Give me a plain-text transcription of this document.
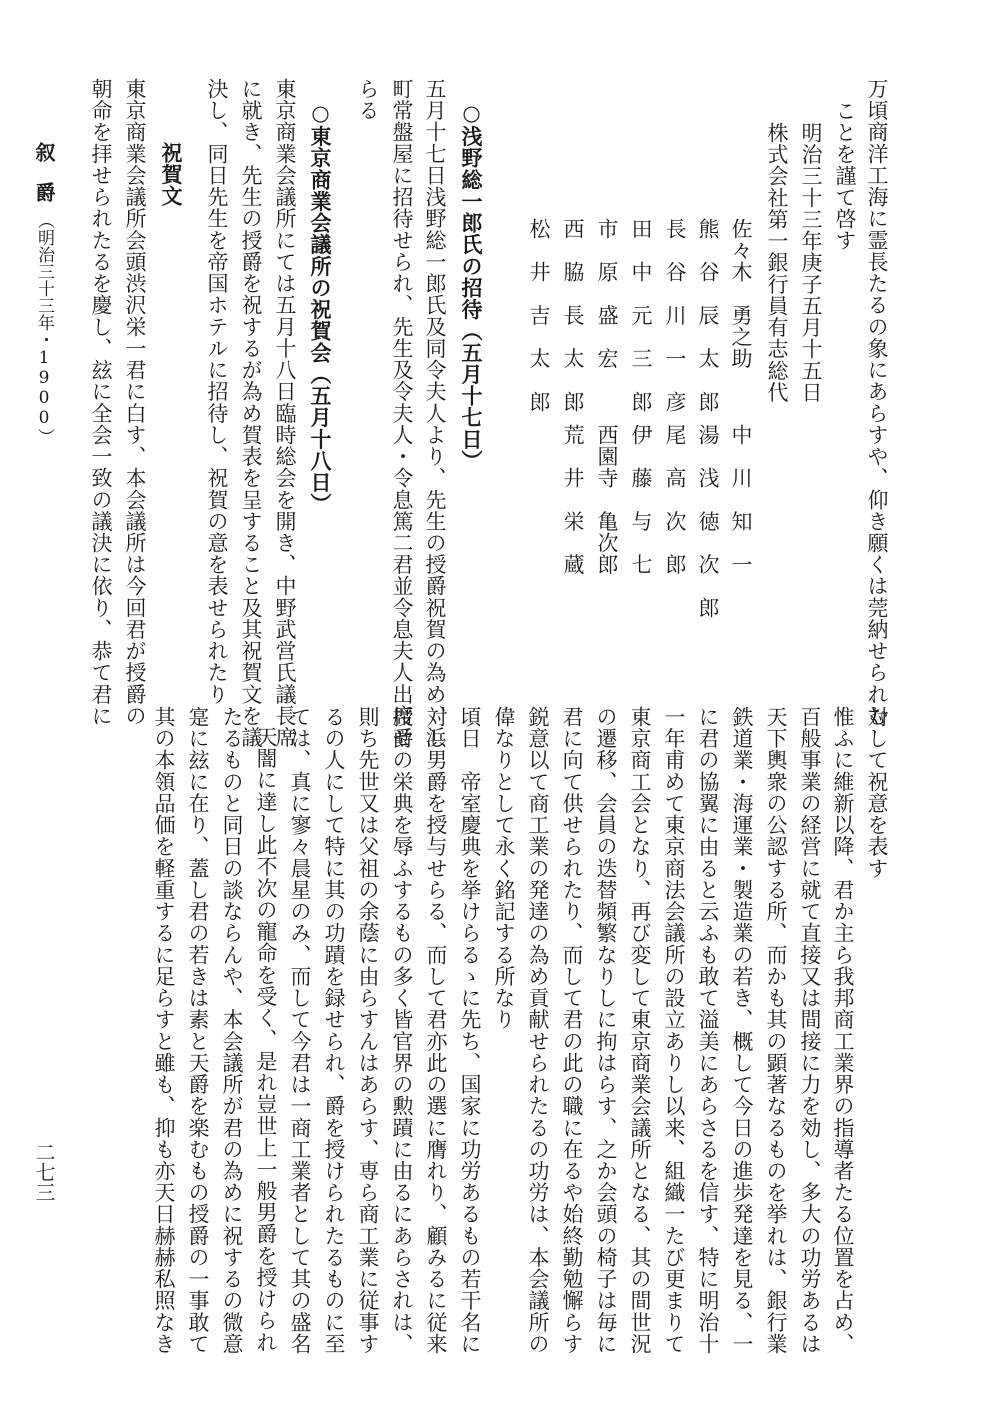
万頃商洋工海に霊長たるの象にあらすや、仰き願くは莞納せられむ
ことを謹て啓す
明治三十三年庚子五月十五日
株式会社第一銀行員有志総代
佐々木　勇之助
熊　谷　辰　太　郎
長　谷　川　一　彦
田　中　元　三　郎
市　原　盛　宏
西　脇　長　太　郎
松　井　吉　太　郎
中　川　知　一
湯　浅　徳　次　郎
尾　高　次　郎
伊　藤　与　七
西園寺　亀次郎
荒　井　栄　蔵
○浅野総一郎氏の招待（五月十七日）
五月十七日浅野総一郎氏及同令夫人より、先生の授爵祝賀の為め、浜
町常盤屋に招待せられ、先生及令夫人・令息篤二君並令息夫人出席せ
らる
○東京商業会議所の祝賀会（五月十八日）
東京商業会議所にては五月十八日臨時総会を開き、中野武営氏議長席
に就き、先生の授爵を祝するが為め賀表を呈すること及其祝賀文を議
決し、同日先生を帝国ホテルに招待し、祝賀の意を表せられたり
祝賀文
東京商業会議所会頭渋沢栄一君に白す、本会議所は今回君が授爵の
朝命を拝せられたるを慶し、玆に全会一致の議決に依り、恭て君に
対して祝意を表す
惟ふに維新以降、君か主ら我邦商工業界の指導者たる位置を占め、
百般事業の経営に就て直接又は間接に力を効し、多大の功労あるは
天下輿衆の公認する所、而かも其の顕著なるものを挙れは、銀行業
鉄道業・海運業・製造業の若き、概して今日の進歩発達を見る、一
に君の協翼に由ると云ふも敢て溢美にあらさるを信す、特に明治十
一年甫めて東京商法会議所の設立ありし以来、組織一たび更まりて
東京商工会となり、再び変して東京商業会議所となる、其の間世況
の遷移、会員の迭替頻繁なりしに拘はらす、之か会頭の椅子は毎に
君に向て供せられたり、而して君の此の職に在るや始終勤勉懈らす
鋭意以て商工業の発達の為め貢献せられたるの功労は、本会議所の
偉なりとして永く銘記する所なり
頃日　帝室慶典を挙けらるゝに先ち、国家に功労あるもの若干名に
対し男爵を授与せらる、而して君亦此の選に膺れり、顧みるに従来
授爵の栄典を辱ふするもの多く皆官界の勲蹟に由るにあらされは、
則ち先世又は父祖の余蔭に由らすんはあらす、専ら商工業に従事す
るの人にして特に其の功蹟を録せられ、爵を授けられたるものに至
ては、真に寥々晨星のみ、而して今君は一商工業者として其の盛名
天闇に達し此不次の寵命を受く、是れ豈世上一般男爵を授けられ
たるものと同日の談ならんや、本会議所が君の為めに祝するの微意
寔に玆に在り、蓋し君の若きは素と天爵を楽むもの授爵の一事敢て
其の本領品価を軽重するに足らすと雖も、抑も亦天日赫赫私照なき
叙　爵
（明治三十三年・1900）
二七三
